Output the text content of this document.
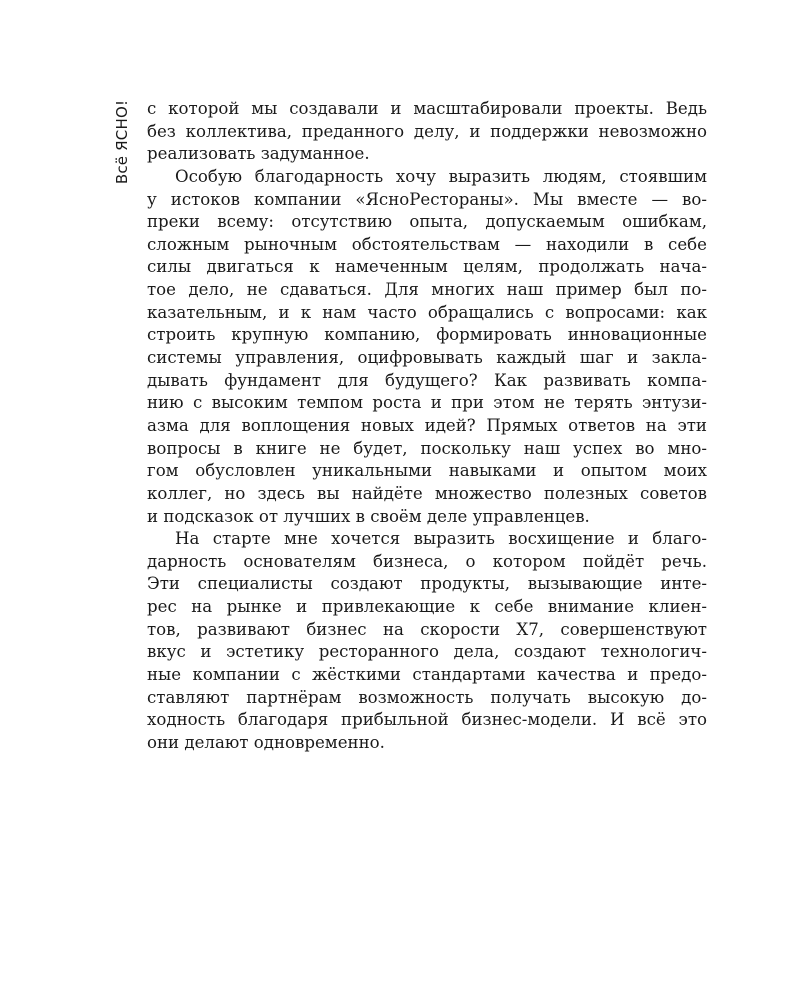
Всё ЯСНО! с которой мы создавали и масштабировали проекты. Ведь
без коллектива, преданного делу, и поддержки невозможно
реализовать задуманное.
Особую благодарность хочу выразить людям, стоявшим
у истоков компании «ЯсноРестораны». Мы вместе — во-
преки всему: отсутствию опыта, допускаемым ошибкам,
сложным рыночным обстоятельствам — находили в себе
силы двигаться к намеченным целям, продолжать нача-
тое дело, не сдаваться. Для многих наш пример был по-
казательным, и к нам часто обращались с вопросами: как
строить крупную компанию, формировать инновационные
системы управления, оцифровывать каждый шаг и закла-
дывать фундамент для будущего? Как развивать компа-
нию с высоким темпом роста и при этом не терять энтузи-
азма для воплощения новых идей? Прямых ответов на эти
вопросы в книге не будет, поскольку наш успех во мно-
гом обусловлен уникальными навыками и опытом моих
коллег, но здесь вы найдёте множество полезных советов
и подсказок от лучших в своём деле управленцев.
На старте мне хочется выразить восхищение и благо-
дарность основателям бизнеса, о котором пойдёт речь.
Эти специалисты создают продукты, вызывающие инте-
рес на рынке и привлекающие к себе внимание клиен-
тов, развивают бизнес на скорости Х7, совершенствуют
вкус и эстетику ресторанного дела, создают технологич-
ные компании с жёсткими стандартами качества и предо-
ставляют партнёрам возможность получать высокую до-
ходность благодаря прибыльной бизнес-модели. И всё это
они делают одновременно.
